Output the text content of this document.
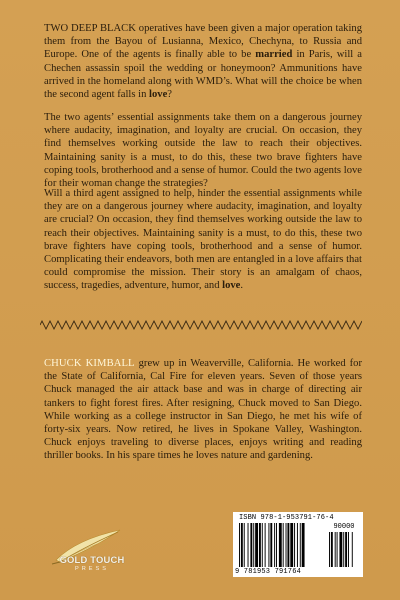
TWO DEEP BLACK operatives have been given a major operation taking them from the Bayou of Lusianna, Mexico, Chechyna, to Russia and Europe. One of the agents is finally able to be married in Paris, will a Chechen assassin spoil the wedding or honeymoon? Ammunitions have arrived in the homeland along with WMD’s. What will the choice be when the second agent falls in love?

The two agents’ essential assignments take them on a dangerous journey where audacity, imagination, and loyalty are crucial. On occasion, they find themselves working outside the law to reach their objectives. Maintaining sanity is a must, to do this, these two brave fighters have coping tools, brotherhood and a sense of humor. Could the two agents love for their woman change the strategies?

Will a third agent assigned to help, hinder the essential assignments while they are on a dangerous journey where audacity, imagination, and loyalty are crucial? On occasion, they find themselves working outside the law to reach their objectives. Maintaining sanity is a must, to do this, these two brave fighters have coping tools, brotherhood and a sense of humor. Complicating their endeavors, both men are entangled in a love affairs that could compromise the mission. Their story is an amalgam of chaos, success, tragedies, adventure, humor, and love.

CHUCK KIMBALL grew up in Weaverville, California. He worked for the State of California, Cal Fire for eleven years. Seven of those years Chuck managed the air attack base and was in charge of directing air tankers to fight forest fires. After resigning, Chuck moved to San Diego. While working as a college instructor in San Diego, he met his wife of forty-six years. Now retired, he lives in Spokane Valley, Washington. Chuck enjoys traveling to diverse places, enjoys writing and reading thriller books. In his spare times he loves nature and gardening.

GOLD TOUCH
PRESS
ISBN 978-1-953791-76-4
90000
9 781953 791764
